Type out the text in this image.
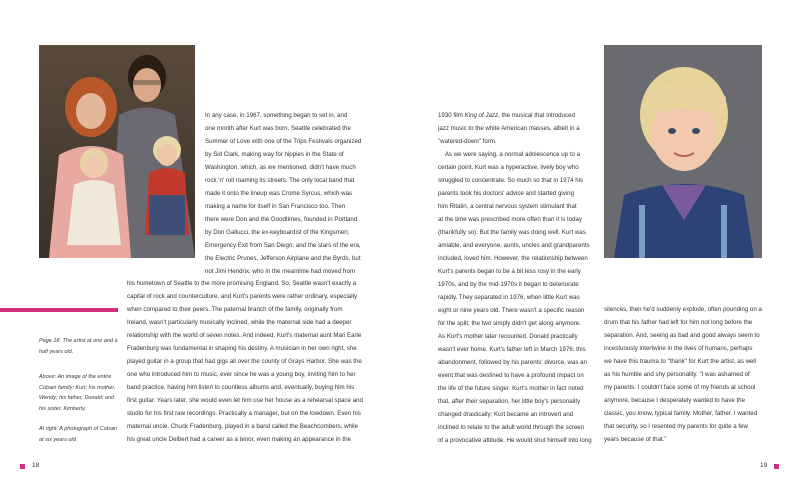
In any case, in 1967, something began to set in, and
one month after Kurt was born, Seattle celebrated the
Summer of Love with one of the Trips Festivals organized
by Sid Clark, making way for hippies in the State of
Washington, which, as we mentioned, didn't have much
rock 'n' roll roaming its streets. The only local band that
made it onto the lineup was Crome Syrcus, which was
making a name for itself in San Francisco too. Then
there were Don and the Goodtimes, founded in Portland
by Don Gallucci, the ex-keyboardist of the Kingsmen;
Emergency Exit from San Diego; and the stars of the era,
the Electric Prunes, Jefferson Airplane and the Byrds, but
not Jimi Hendrix, who in the meantime had moved from
his hometown of Seattle to the more promising England. So, Seattle wasn't exactly a
capital of rock and counterculture, and Kurt's parents were rather ordinary, especially
when compared to their peers. The paternal branch of the family, originally from
Ireland, wasn't particularly musically inclined, while the maternal side had a deeper
relationship with the world of seven notes. And indeed, Kurt's maternal aunt Mari Earle
Fradenburg was fundamental in shaping his destiny. A musician in her own right, she
played guitar in a group that had gigs all over the county of Grays Harbor. She was the
one who introduced him to music, ever since he was a young boy, inviting him to her
band practice, having him listen to countless albums and, eventually, buying him his
first guitar. Years later, she would even let him use her house as a rehearsal space and
studio for his first raw recordings. Practically a manager, but on the lowdown. Even his
maternal uncle, Chuck Fradenburg, played in a band called the Beachcombers, while
his great uncle Delbert had a career as a tenor, even making an appearance in the
1930 film King of Jazz, the musical that introduced
jazz music to the white American masses, albeit in a
"watered-down" form.
As we were saying, a normal adolescence up to a
certain point. Kurt was a hyperactive, lively boy who
struggled to concentrate. So much so that in 1974 his
parents took his doctors' advice and started giving
him Ritalin, a central nervous system stimulant that
at the time was prescribed more often than it is today
(thankfully so). But the family was doing well. Kurt was
amiable, and everyone, aunts, uncles and grandparents
included, loved him. However, the relationship between
Kurt's parents began to be a bit less rosy in the early
1970s, and by the mid-1970s it began to deteriorate
rapidly. They separated in 1976, when little Kurt was
eight or nine years old. There wasn't a specific reason
for the split; the two simply didn't get along anymore.
As Kurt's mother later recounted, Donald practically
wasn't ever home. Kurt's father left in March 1976; this
abandonment, followed by his parents' divorce, was an
event that was destined to have a profound impact on
the life of the future singer. Kurt's mother in fact noted
that, after their separation, her little boy's personality
changed drastically; Kurt became an introvert and
inclined to relate to the adult world through the screen
of a provocative attitude. He would shut himself into long
silences, then he'd suddenly explode, often pounding on a
drum that his father had left for him not long before the
separation. And, seeing as bad and good always seem to
incestuously intertwine in the lives of humans, perhaps
we have this trauma to "thank" for Kurt the artist, as well
as his humble and shy personality. "I was ashamed of
my parents. I couldn't face some of my friends at school
anymore, because I desperately wanted to have the
classic, you know, typical family. Mother, father. I wanted
that security, so I resented my parents for quite a few
years because of that."
Page 18: The artist at one and a
half years old.
Above: An image of the entire
Cobain family: Kurt; his mother,
Wendy; his father, Donald; and
his sister, Kimberly.
At right: A photograph of Cobain
at six years old.
18	19
